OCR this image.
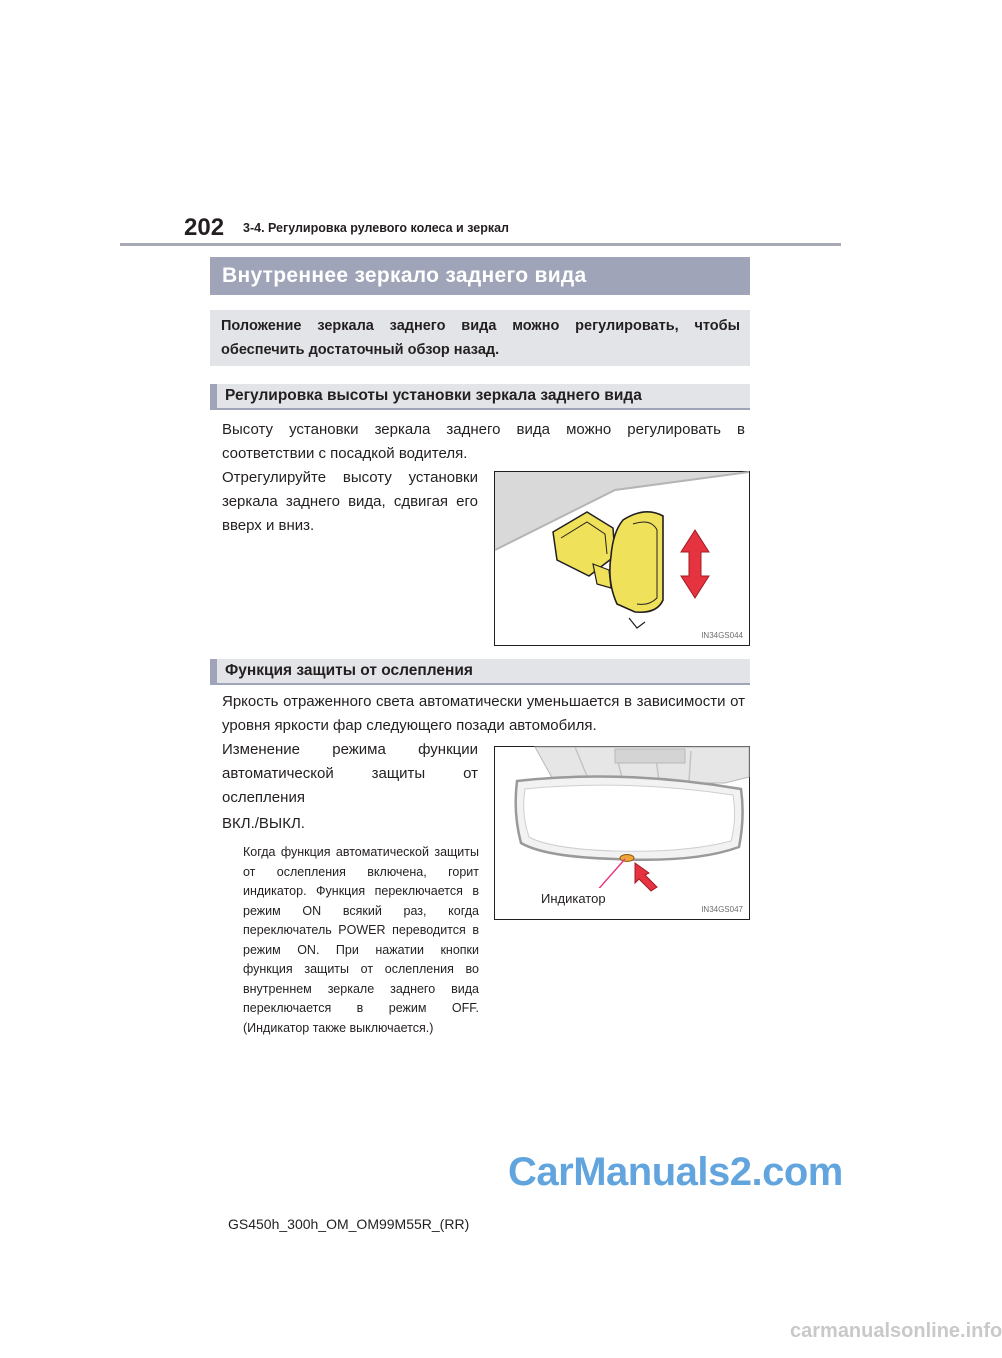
202 3-4. Регулировка рулевого колеса и зеркал
Внутреннее зеркало заднего вида
Положение зеркала заднего вида можно регулировать, чтобы обеспечить достаточный обзор назад.
Регулировка высоты установки зеркала заднего вида
Высоту установки зеркала заднего вида можно регулировать в соответствии с посадкой водителя.
Отрегулируйте высоту установки зеркала заднего вида, сдвигая его вверх и вниз.
IN34GS044
Функция защиты от ослепления
Яркость отраженного света автоматически уменьшается в зависимости от уровня яркости фар следующего позади автомобиля.
Изменение режима функции автоматической защиты от ослепления
ВКЛ./ВЫКЛ.
Когда функция автоматической защиты от ослепления включена, горит индикатор. Функция переключается в режим ON всякий раз, когда переключатель POWER переводится в режим ON. При нажатии кнопки функция защиты от ослепления во внутреннем зеркале заднего вида переключается в режим OFF. (Индикатор также выключается.)
Индикатор
IN34GS047
CarManuals2.com
GS450h_300h_OM_OM99M55R_(RR)
carmanualsonline.info
